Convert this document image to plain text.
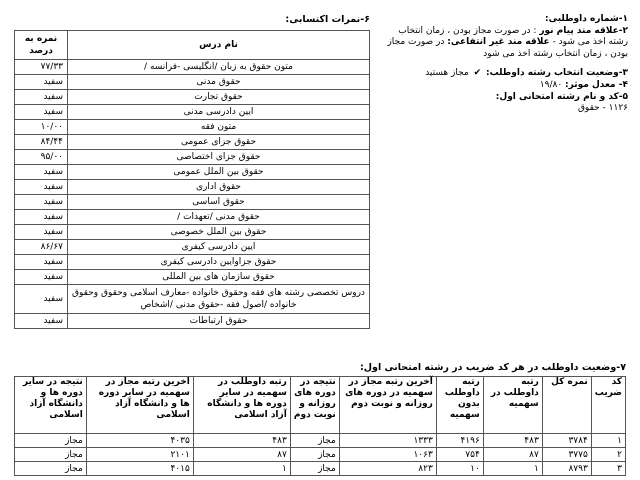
۱-شماره داوطلبی:
۲-علاقه مند پیام نور : در صورت مجاز بودن ، زمان انتخاب رشته اخذ می شود - علاقه مند غیر انتفاعی: در صورت مجاز بودن ، زمان انتخاب رشته اخذ می شود
۳-وضعیت انتخاب رشته داوطلب: ✔ مجاز هستید
۴- معدل موثر: ۱۹/۸۰
۵-کد و نام رشته امتحانی اول:
۱۱۲۶ - حقوق
۶-نمرات اکتسابی:
نام درس	نمره به درصد
متون حقوق به زبان /انگلیسی -فرانسه /	۷۷/۳۳
حقوق مدنی	سفید
حقوق تجارت	سفید
ایین دادرسی مدنی	سفید
متون فقه	۱۰/۰۰
حقوق جزای عمومی	۸۴/۴۴
حقوق جزای اختصاصی	۹۵/۰۰
حقوق بین الملل عمومی	سفید
حقوق اداری	سفید
حقوق اساسی	سفید
حقوق مدنی /تعهدات /	سفید
حقوق بین الملل خصوصی	سفید
ایین دادرسی کیفری	۸۶/۶۷
حقوق جزاوایین دادرسی کیفری	سفید
حقوق سازمان های بین المللی	سفید
دروس تخصصی رشته های فقه وحقوق خانواده -معارف اسلامی وحقوق وحقوق خانواده /اصول فقه -حقوق مدنی /اشخاص	سفید
حقوق ارتباطات	سفید
۷-وضعیت داوطلب در هر کد ضریب در رشته امتحانی اول:
کد ضریب	نمره کل	رتبه داوطلب در سهمیه	رتبه داوطلب بدون سهمیه	آخرین رتبه مجاز در سهمیه در دوره های روزانه و نوبت دوم	نتیجه در دوره های روزانه و نوبت دوم	رتبه داوطلب در سهمیه در سایر دوره ها و دانشگاه آزاد اسلامی	اخرین رتبه مجاز در سهمیه در سایر دوره ها و دانشگاه آزاد اسلامی	نتیجه در سایر دوره ها و دانشگاه آزاد اسلامی
۱	۳۷۸۴	۴۸۳	۴۱۹۶	۱۳۳۳	مجاز	۴۸۳	۴۰۳۵	مجاز
۲	۳۷۷۵	۸۷	۷۵۴	۱۰۶۳	مجاز	۸۷	۲۱۰۱	مجاز
۳	۸۷۹۳	۱	۱۰	۸۲۳	مجاز	۱	۴۰۱۵	مجاز
